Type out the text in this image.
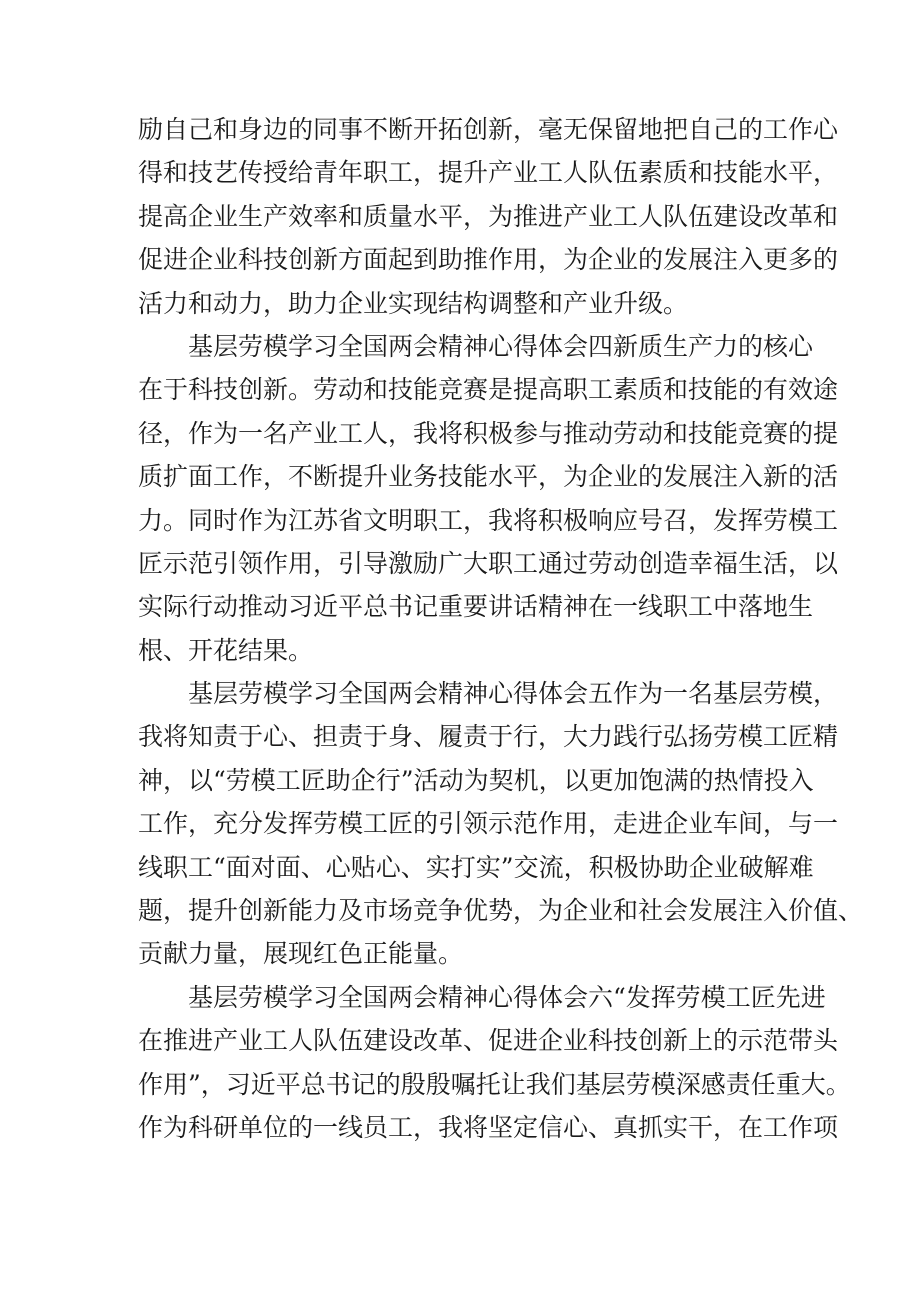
励自己和身边的同事不断开拓创新，毫无保留地把自己的工作心
得和技艺传授给青年职工，提升产业工人队伍素质和技能水平，
提高企业生产效率和质量水平，为推进产业工人队伍建设改革和
促进企业科技创新方面起到助推作用，为企业的发展注入更多的
活力和动力，助力企业实现结构调整和产业升级。
基层劳模学习全国两会精神心得体会四新质生产力的核心
在于科技创新。劳动和技能竞赛是提高职工素质和技能的有效途
径，作为一名产业工人，我将积极参与推动劳动和技能竞赛的提
质扩面工作，不断提升业务技能水平，为企业的发展注入新的活
力。同时作为江苏省文明职工，我将积极响应号召，发挥劳模工
匠示范引领作用，引导激励广大职工通过劳动创造幸福生活，以
实际行动推动习近平总书记重要讲话精神在一线职工中落地生
根、开花结果。
基层劳模学习全国两会精神心得体会五作为一名基层劳模，
我将知责于心、担责于身、履责于行，大力践行弘扬劳模工匠精
神，以“劳模工匠助企行”活动为契机，以更加饱满的热情投入
工作，充分发挥劳模工匠的引领示范作用，走进企业车间，与一
线职工“面对面、心贴心、实打实”交流，积极协助企业破解难
题，提升创新能力及市场竞争优势，为企业和社会发展注入价值、
贡献力量，展现红色正能量。
基层劳模学习全国两会精神心得体会六“发挥劳模工匠先进
在推进产业工人队伍建设改革、促进企业科技创新上的示范带头
作用”，习近平总书记的殷殷嘱托让我们基层劳模深感责任重大。
作为科研单位的一线员工，我将坚定信心、真抓实干，在工作项
